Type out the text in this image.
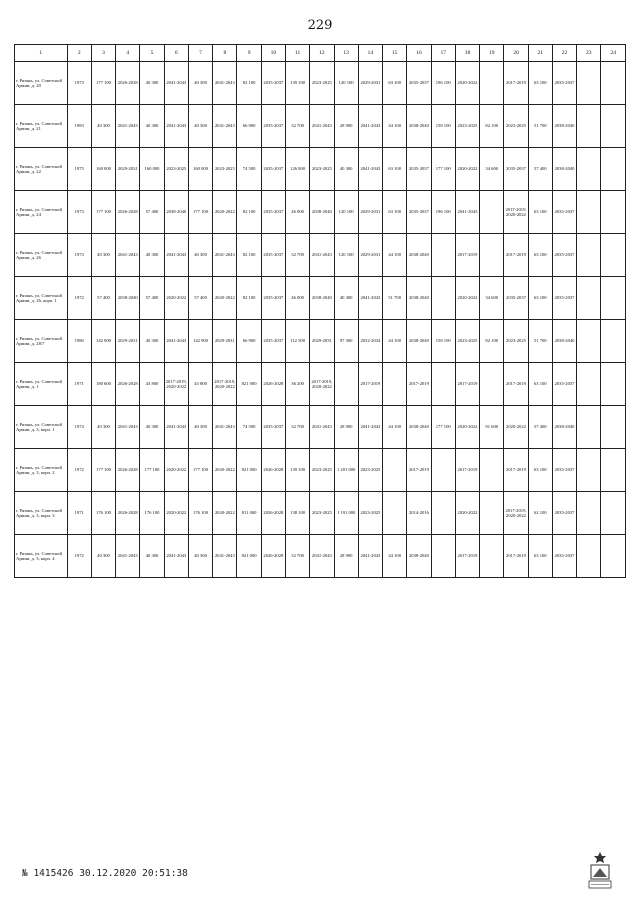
229
1	2	3	4	5	6	7	8	9	10	11	12	13	14	15	16	17	18	19	20	21	22	23	24
г. Рязань, ул. Советской Армии, д. 20	1973	177 100	2026-2028	40 300	2041-2043	40 300	2041-2043	82 100	2035-2037	139 100	2023-2025	120 100	2029-2031	63 100	2035-2037	196 100	2020-2022		2017-2019	63 100	2035-2037		
г. Рязань, ул. Советской Армии, д. 21	1983	40 300	2041-2043	40 300	2041-2043	40 300	2041-2043	66 900	2035-2037	32 700	2041-2043	28 900	2041-2043	44 100	2038-2040	158 100	2023-2025	82 100	2023-2025	51 700	2038-2040		
г. Рязань, ул. Советской Армии, д. 22	1975	160 000	2029-2031	160 000	2023-2025	160 000	2023-2025	74 500	2035-2037	126 800	2023-2025	40 300	2041-2043	63 100	2035-2037	177 100	2020-2022	34 600	2035-2037	57 400	2038-2040		
г. Рязань, ул. Советской Армии, д. 24	1973	177 100	2026-2028	57 400	2038-2040	177 100	2020-2022	82 100	2035-2037	46 000	2038-2040	120 100	2029-2031	63 100	2035-2037	196 100	2041-2043		2017-2019, 2020-2022	63 100	2035-2037		
г. Рязань, ул. Советской Армии, д. 26	1973	40 300	2041-2043	40 300	2041-2043	40 300	2041-2043	82 100	2035-2037	32 700	2041-2043	120 100	2029-2031	44 100	2038-2040		2017-2019		2017-2019	63 100	2035-2037		
г. Рязань, ул. Советской Армии, д. 26, корп. 1	1972	57 400	2038-2040	57 400	2020-2022	57 400	2020-2022	82 100	2035-2037	46 000	2038-2040	40 300	2041-2043	51 700	2038-2040		2020-2022	34 600	2035-2037	63 100	2035-2037		
г. Рязань, ул. Советской Армии, д. 28/7	1980	142 900	2029-2031	40 300	2041-2043	142 900	2029-2031	66 900	2035-2037	112 500	2029-2031	97 300	2032-2034	44 100	2038-2040	158 100	2023-2025	82 100	2023-2025	51 700	2038-2040		
г. Рязань, ул. Советской Армии, д. 1	1971	180 600	2026-2028	43 800	2017-2019, 2020-2022	43 800	2017-2019, 2020-2022	821 000	2026-2028	36 200	2017-2019, 2020-2022		2017-2019		2017-2019		2017-2019		2017-2019	63 100	2035-2037		
г. Рязань, ул. Советской Армии, д. 3, корп. 1	1974	40 300	2041-2043	40 300	2041-2043	40 300	2041-2043	74 500	2035-2037	32 700	2041-2043	28 900	2041-2043	44 100	2038-2040	177 100	2020-2022	91 600	2020-2022	57 400	2038-2040		
г. Рязань, ул. Советской Армии, д. 3, корп. 2	1972	177 100	2026-2028	177 100	2020-2022	177 100	2020-2022	821 000	2026-2028	139 100	2023-2025	1 201 000	2023-2025		2017-2019		2017-2019		2017-2019	63 100	2035-2037		
г. Рязань, ул. Советской Армии, д. 3, корп. 3	1971	176 100	2026-2028	176 100	2020-2022	176 100	2020-2022	811 000	2026-2028	138 100	2023-2025	1 191 000	2023-2025		2014-2016		2020-2022		2017-2019, 2020-2022	62 100	2035-2037		
г. Рязань, ул. Советской Армии, д. 3, корп. 4	1972	40 300	2041-2043	40 300	2041-2043	40 300	2041-2043	821 000	2026-2028	32 700	2041-2043	28 900	2041-2043	44 100	2038-2040		2017-2019		2017-2019	63 100	2035-2037		
№ 1415426 30.12.2020 20:51:38
